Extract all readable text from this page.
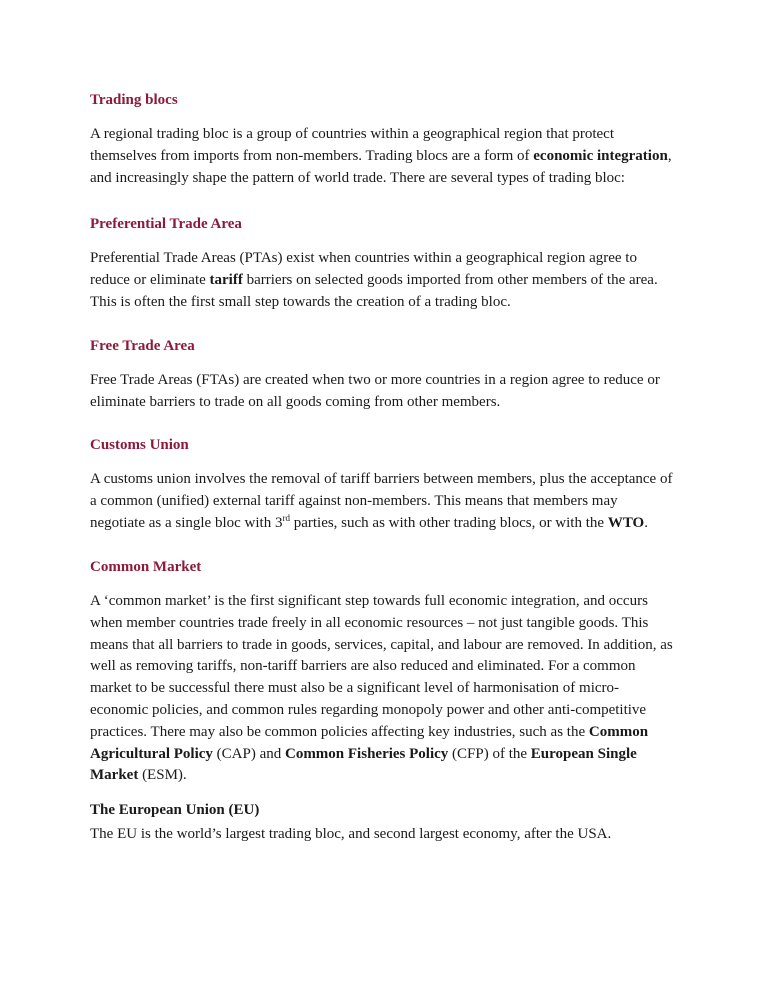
Trading blocs
A regional trading bloc is a group of countries within a geographical region that protect
themselves from imports from non-members. Trading blocs are a form of economic integration,
and increasingly shape the pattern of world trade. There are several types of trading bloc:
Preferential Trade Area
Preferential Trade Areas (PTAs) exist when countries within a geographical region agree to
reduce or eliminate tariff barriers on selected goods imported from other members of the area.
This is often the first small step towards the creation of a trading bloc.
Free Trade Area
Free Trade Areas (FTAs) are created when two or more countries in a region agree to reduce or
eliminate barriers to trade on all goods coming from other members.
Customs Union
A customs union involves the removal of tariff barriers between members, plus the acceptance of
a common (unified) external tariff against non-members. This means that members may
negotiate as a single bloc with 3rd parties, such as with other trading blocs, or with the WTO.
Common Market
A ‘common market’ is the first significant step towards full economic integration, and occurs
when member countries trade freely in all economic resources – not just tangible goods. This
means that all barriers to trade in goods, services, capital, and labour are removed. In addition, as
well as removing tariffs, non-tariff barriers are also reduced and eliminated. For a common
market to be successful there must also be a significant level of harmonisation of micro-
economic policies, and common rules regarding monopoly power and other anti-competitive
practices. There may also be common policies affecting key industries, such as the Common
Agricultural Policy (CAP) and Common Fisheries Policy (CFP) of the European Single
Market (ESM).
The European Union (EU)
The EU is the world’s largest trading bloc, and second largest economy, after the USA.
